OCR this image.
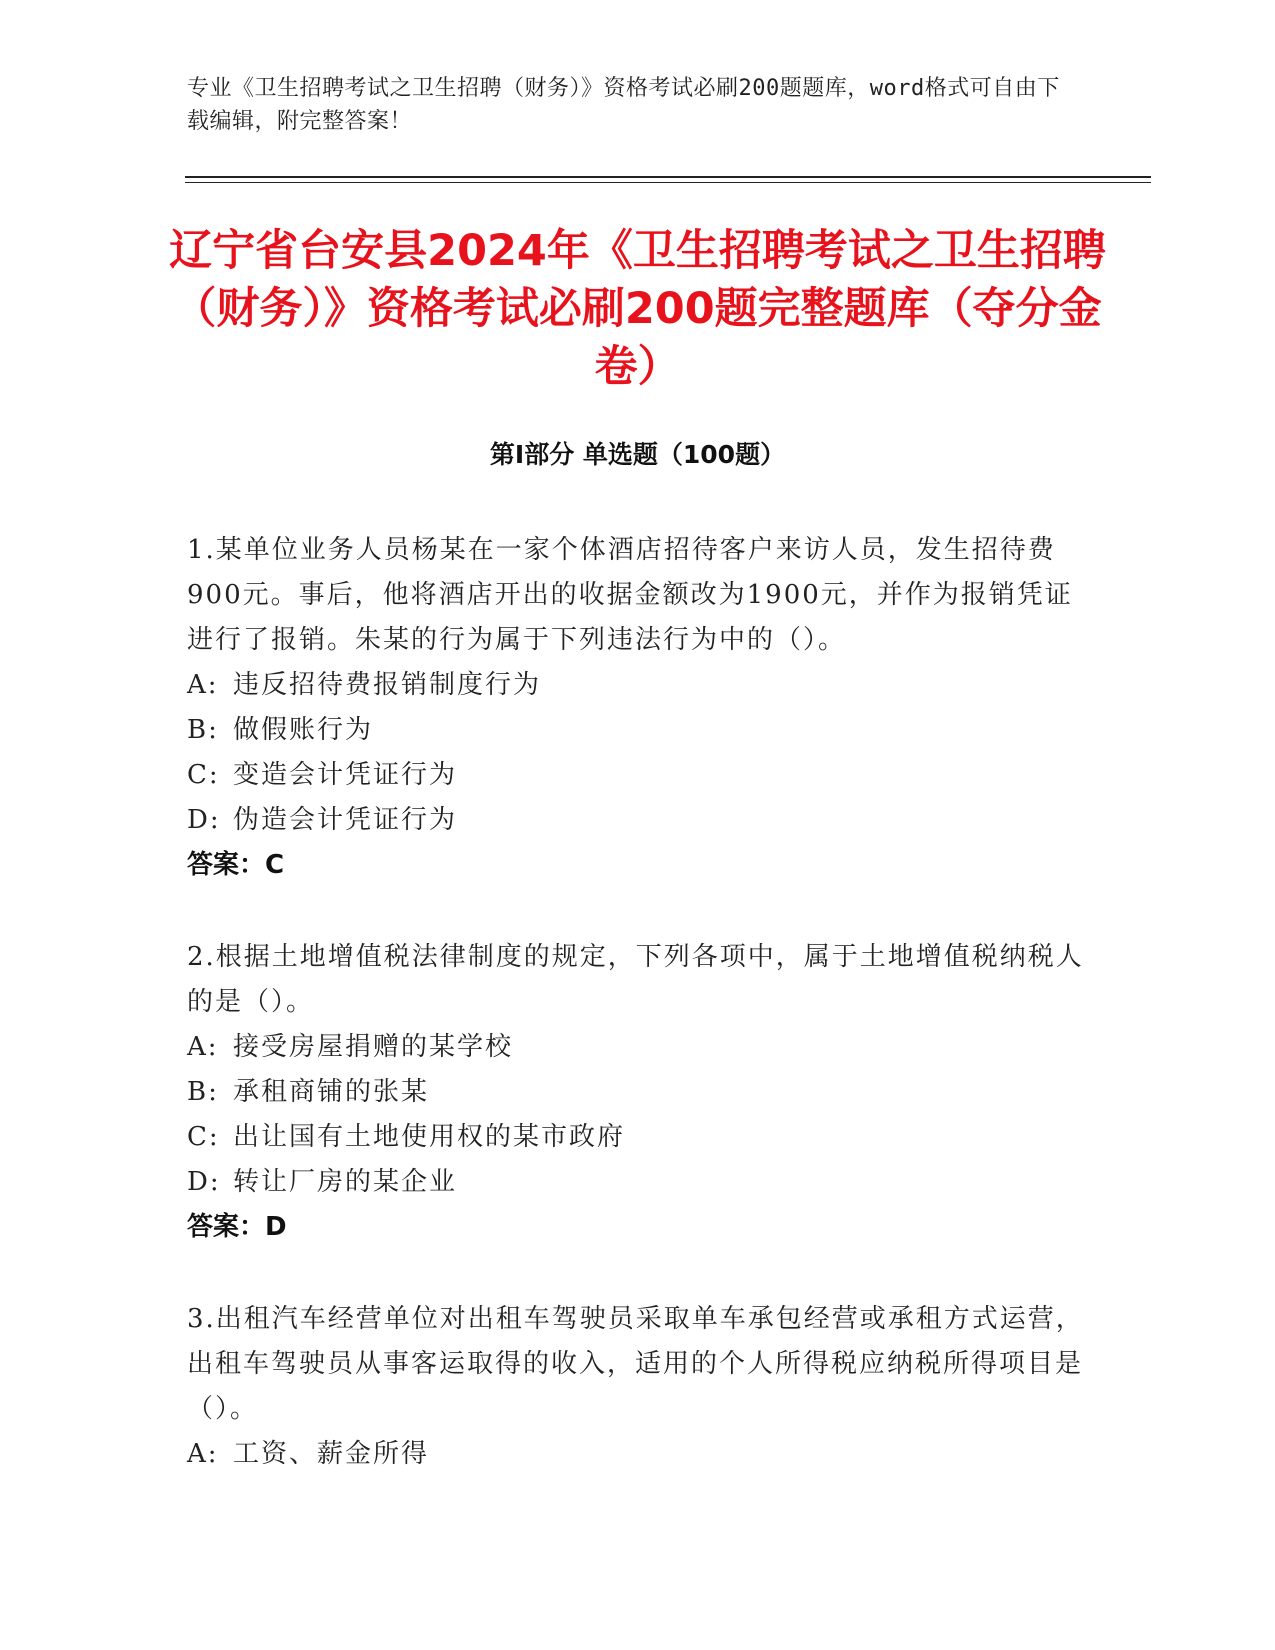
专业《卫生招聘考试之卫生招聘（财务）》资格考试必刷200题题库，word格式可自由下载编辑，附完整答案！
辽宁省台安县2024年《卫生招聘考试之卫生招聘（财务）》资格考试必刷200题完整题库（夺分金卷）
第Ⅰ部分 单选题（100题）

1.某单位业务人员杨某在一家个体酒店招待客户来访人员，发生招待费900元。事后，他将酒店开出的收据金额改为1900元，并作为报销凭证进行了报销。朱某的行为属于下列违法行为中的（）。

A: 违反招待费报销制度行为
B: 做假账行为
C: 变造会计凭证行为
D: 伪造会计凭证行为

答案：C

2.根据土地增值税法律制度的规定，下列各项中，属于土地增值税纳税人的是（）。

A: 接受房屋捐赠的某学校
B: 承租商铺的张某
C: 出让国有土地使用权的某市政府
D: 转让厂房的某企业

答案：D

3.出租汽车经营单位对出租车驾驶员采取单车承包经营或承租方式运营，出租车驾驶员从事客运取得的收入，适用的个人所得税应纳税所得项目是（）。

A: 工资、薪金所得
